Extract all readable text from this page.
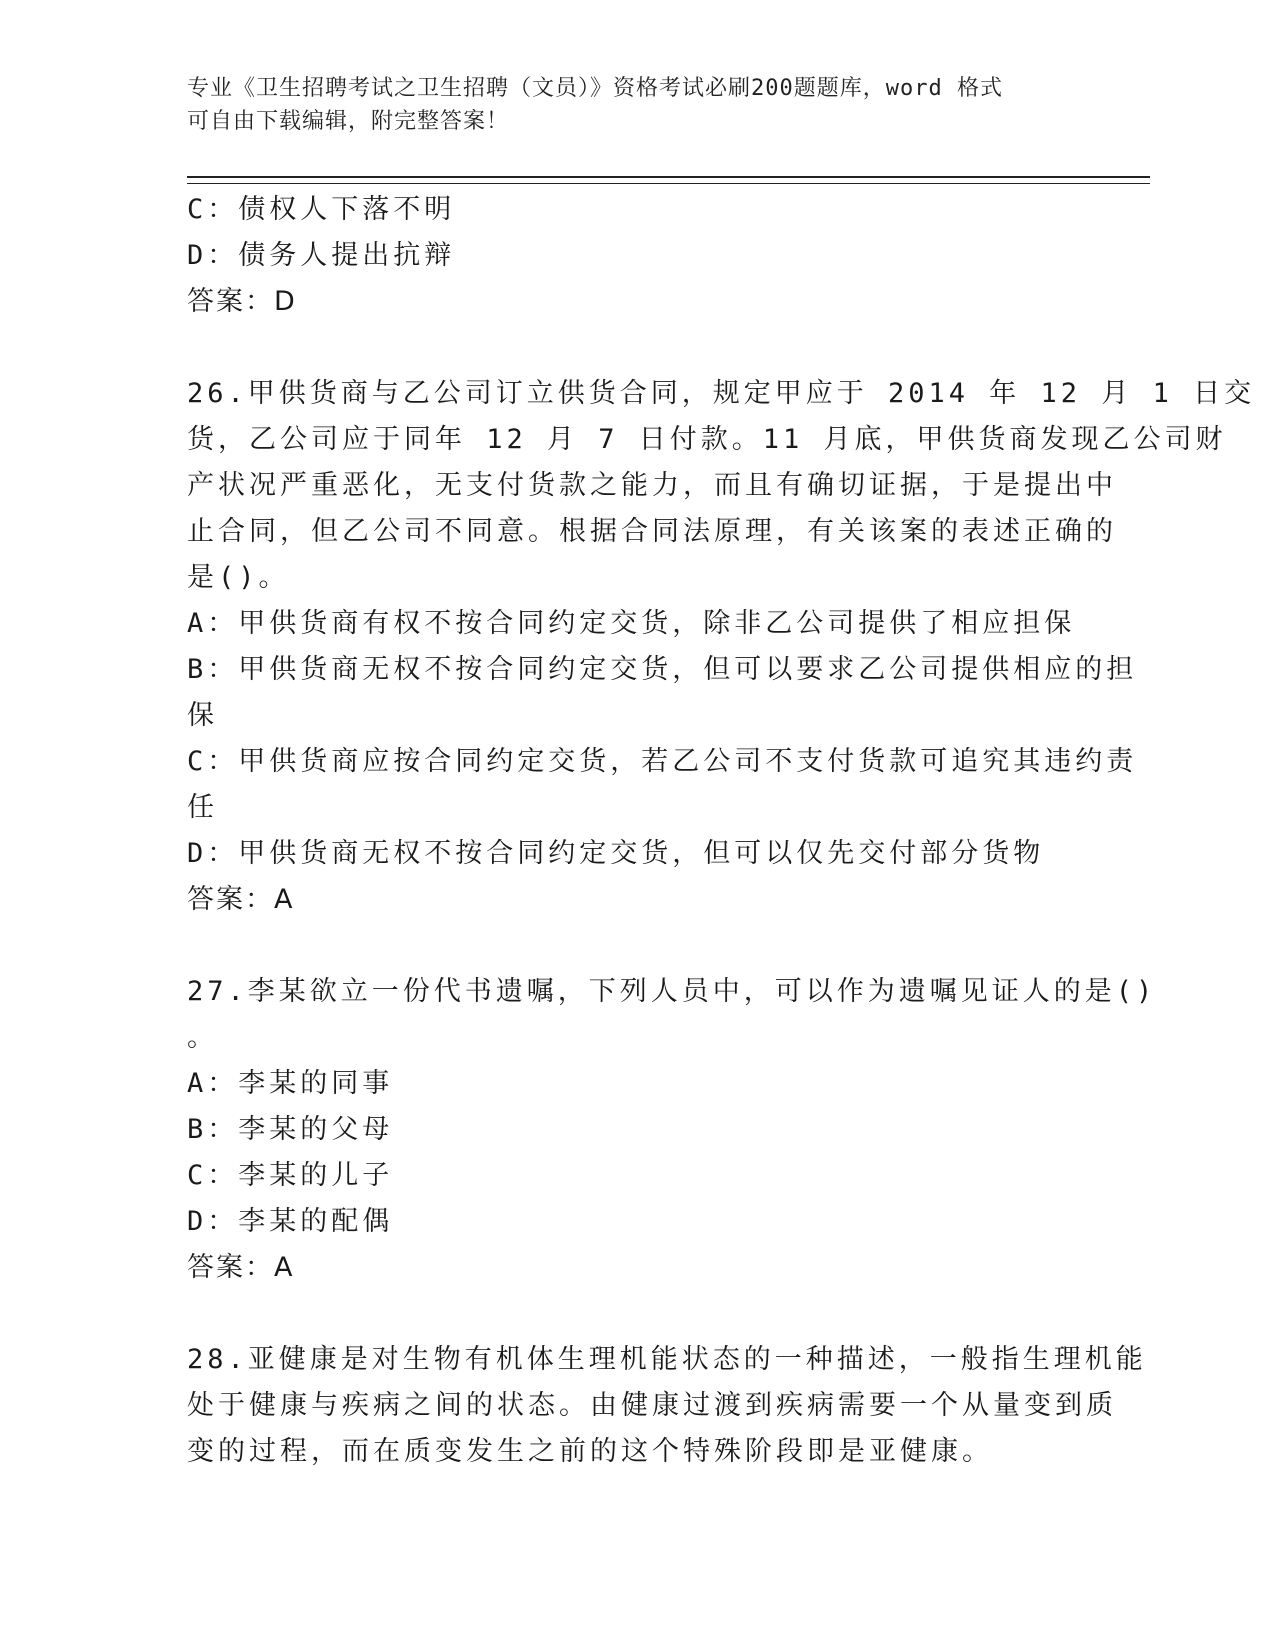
专业《卫生招聘考试之卫生招聘（文员）》资格考试必刷200题题库，word 格式
可自由下载编辑，附完整答案！
C：债权人下落不明
D：债务人提出抗辩
答案：D
26.甲供货商与乙公司订立供货合同，规定甲应于 2014 年 12 月 1 日交
货，乙公司应于同年 12 月 7 日付款。11 月底，甲供货商发现乙公司财
产状况严重恶化，无支付货款之能力，而且有确切证据，于是提出中
止合同，但乙公司不同意。根据合同法原理，有关该案的表述正确的
是()。
A：甲供货商有权不按合同约定交货，除非乙公司提供了相应担保
B：甲供货商无权不按合同约定交货，但可以要求乙公司提供相应的担
保
C：甲供货商应按合同约定交货，若乙公司不支付货款可追究其违约责
任
D：甲供货商无权不按合同约定交货，但可以仅先交付部分货物
答案：A
27.李某欲立一份代书遗嘱，下列人员中，可以作为遗嘱见证人的是()
。
A：李某的同事
B：李某的父母
C：李某的儿子
D：李某的配偶
答案：A
28.亚健康是对生物有机体生理机能状态的一种描述，一般指生理机能
处于健康与疾病之间的状态。由健康过渡到疾病需要一个从量变到质
变的过程，而在质变发生之前的这个特殊阶段即是亚健康。
